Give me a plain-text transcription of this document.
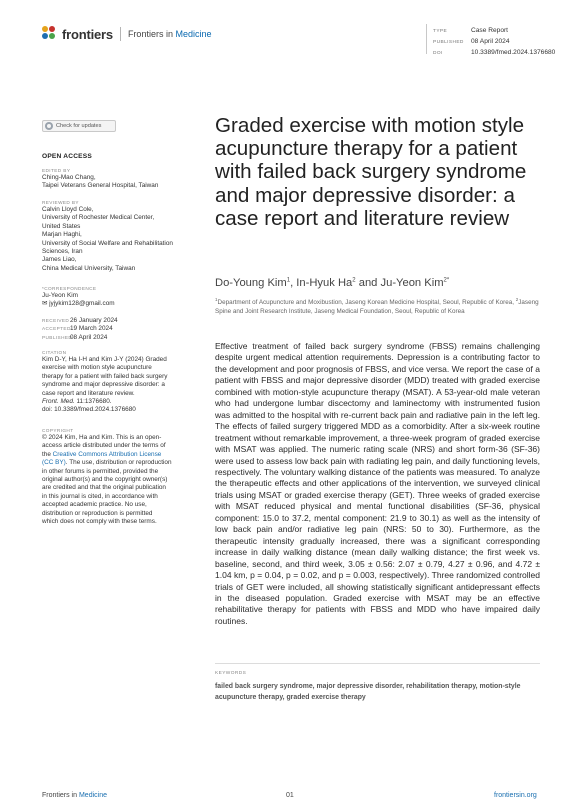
frontiers Frontiers in Medicine	TYPE	Case Report
PUBLISHED 08 April 2024
DOI	10.3389/fmed.2024.1376680
Check for updates
OPEN ACCESS
EDITED BY
Ching-Mao Chang,
Taipei Veterans General Hospital, Taiwan
REVIEWED BY
Calvin Lloyd Cole,
University of Rochester Medical Center,
United States
Marjan Haghi,
University of Social Welfare and Rehabilitation
Sciences, Iran
James Liao,
China Medical University, Taiwan
*CORRESPONDENCE
Ju-Yeon Kim
✉ jyjykim128@gmail.com
RECEIVED26 January 2024
ACCEPTED19 March 2024
PUBLISHED08 April 2024
CITATION
Kim D-Y, Ha I-H and Kim J-Y (2024) Graded
exercise with motion style acupuncture
therapy for a patient with failed back surgery
syndrome and major depressive disorder: a
case report and literature review.
Front. Med. 11:1376680.
doi: 10.3389/fmed.2024.1376680
COPYRIGHT
© 2024 Kim, Ha and Kim. This is an open-
access article distributed under the terms of
the Creative Commons Attribution License
(CC BY). The use, distribution or reproduction
in other forums is permitted, provided the
original author(s) and the copyright owner(s)
are credited and that the original publication
in this journal is cited, in accordance with
accepted academic practice. No use,
distribution or reproduction is permitted
which does not comply with these terms.
Graded exercise with motion style acupuncture therapy for a patient with failed back surgery syndrome and major depressive disorder: a case report and literature review
Do-Young Kim$^1$, In-Hyuk Ha$^2$ and Ju-Yeon Kim$^{2*}$
$^1$Department of Acupuncture and Moxibustion, Jaseng Korean Medicine Hospital, Seoul, Republic of Korea, $^2$Jaseng Spine and Joint Research Institute, Jaseng Medical Foundation, Seoul, Republic of Korea
Effective treatment of failed back surgery syndrome (FBSS) remains challenging despite urgent medical attention requirements. Depression is a contributing factor to the development and poor prognosis of FBSS, and vice versa. We report the case of a patient with FBSS and major depressive disorder (MDD) treated with graded exercise combined with motion-style acupuncture therapy (MSAT). A 53-year-old male veteran who had undergone lumbar discectomy and laminectomy with instrumented fusion was admitted to the hospital with re-current back pain and radiative pain in the left leg. The effects of failed surgery triggered MDD as a comorbidity. After a six-week routine treatment without remarkable improvement, a three-week program of graded exercise with MSAT was applied. The numeric rating scale (NRS) and short form-36 (SF-36) were used to assess low back pain with radiating leg pain, and daily functioning levels, respectively. The voluntary walking distance of the patients was measured. To analyze the therapeutic effects and other applications of the intervention, we surveyed clinical trials using MSAT or graded exercise therapy (GET). Three weeks of graded exercise with MSAT reduced physical and mental functional disabilities (SF-36, physical component: 15.0 to 37.2, mental component: 21.9 to 30.1) as well as the intensity of low back pain and/or radiative leg pain (NRS: 50 to 30). Furthermore, as the therapeutic intensity gradually increased, there was a significant corresponding increase in daily walking distance (mean daily walking distance; the first week vs. baseline, second, and third week, 3.05 ± 0.56: 2.07 ± 0.79, 4.27 ± 0.96, and 4.72 ± 1.04 km, p = 0.04, p = 0.02, and p = 0.003, respectively). Three randomized controlled trials of GET were included, all showing statistically significant antidepressant effects in the diseased population. Graded exercise with MSAT may be an effective rehabilitative therapy for patients with FBSS and MDD who have impaired daily routines.
KEYWORDS
failed back surgery syndrome, major depressive disorder, rehabilitation therapy, motion-style acupuncture therapy, graded exercise therapy
Frontiers in Medicine	01	frontiersin.org
